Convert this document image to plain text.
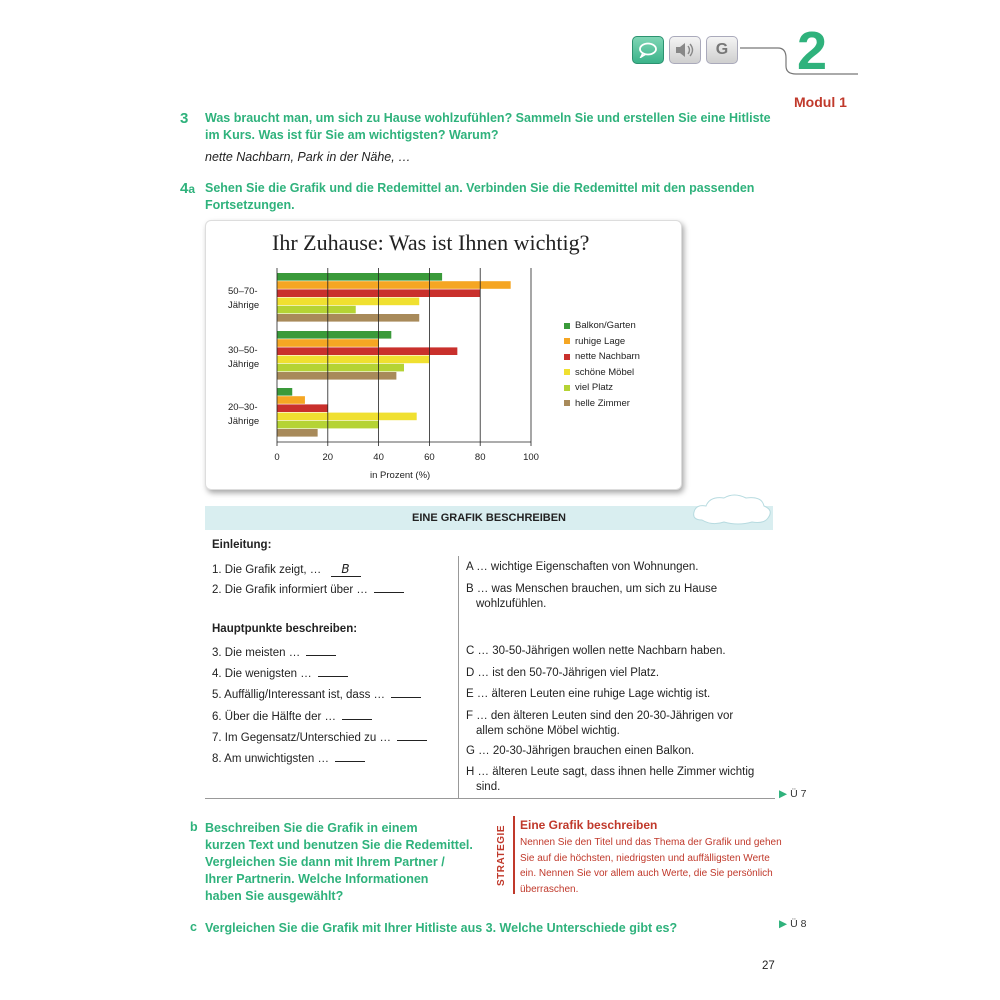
G 2
Modul 1
3 Was braucht man, um sich zu Hause wohlzufühlen? Sammeln Sie und erstellen Sie eine Hitliste
im Kurs. Was ist für Sie am wichtigsten? Warum?
nette Nachbarn, Park in der Nähe, …
4a Sehen Sie die Grafik und die Redemittel an. Verbinden Sie die Redemittel mit den passenden
Fortsetzungen.
Ihr Zuhause: Was ist Ihnen wichtig?
0	20	40	60	80	100
50–70-
Jährige
30–50-
Jährige
20–30-
Jährige
in Prozent (%)
Balkon/Garten
ruhige Lage
nette Nachbarn
schöne Möbel
viel Platz
helle Zimmer
EINE GRAFIK BESCHREIBEN
Einleitung:
1. Die Grafik zeigt, … B
2. Die Grafik informiert über …
Hauptpunkte beschreiben:
3. Die meisten …
4. Die wenigsten …
5. Auffällig/Interessant ist, dass …
6. Über die Hälfte der …
7. Im Gegensatz/Unterschied zu …
8. Am unwichtigsten …
A … wichtige Eigenschaften von Wohnungen.
B … was Menschen brauchen, um sich zu Hause
wohlzufühlen.
C … 30-50-Jährigen wollen nette Nachbarn haben.
D … ist den 50-70-Jährigen viel Platz.
E … älteren Leuten eine ruhige Lage wichtig ist.
F … den älteren Leuten sind den 20-30-Jährigen vor
allem schöne Möbel wichtig.
G … 20-30-Jährigen brauchen einen Balkon.
H … älteren Leute sagt, dass ihnen helle Zimmer wichtig
sind.
▶ Ü 7
b Beschreiben Sie die Grafik in einem
kurzen Text und benutzen Sie die Redemittel.
Vergleichen Sie dann mit Ihrem Partner /
Ihrer Partnerin. Welche Informationen
haben Sie ausgewählt?
STRATEGIE
Eine Grafik beschreiben
Nennen Sie den Titel und das Thema der Grafik und gehen
Sie auf die höchsten, niedrigsten und auffälligsten Werte
ein. Nennen Sie vor allem auch Werte, die Sie persönlich
überraschen.
c Vergleichen Sie die Grafik mit Ihrer Hitliste aus 3. Welche Unterschiede gibt es?	▶ Ü 8
27
